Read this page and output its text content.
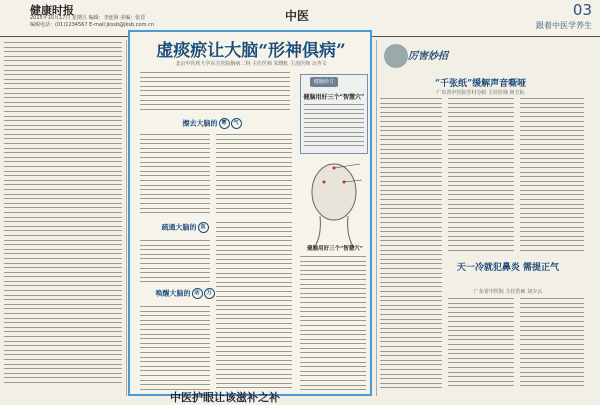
健康时报
2015年10月17日 星期五 编辑：李连海 美编：张首
编辑电话：(01)1234567 E-mail:jkssb@jksb.com.cn
中医	03
跟着中医学养生
虚痰瘀让大脑“形神俱病”
北京中医药大学东方医院脑病二科 主任医师 朱晓虹 主治医师 余杏文
擦去大脑的 雾 气
疏通大脑的 血
唤醒大脑的 动 力
健脑妙方
健脑用好三个“智慧穴”
健脑用好三个“智慧穴”
厉害妙招
“千张纸”缓解声音嘶哑
广东省中医院芳村分院 主任医师 何方标
天一冷就犯鼻炎 需提正气
广东省中医院 主任医师 刘少云
中医护眼让该滋补之补
